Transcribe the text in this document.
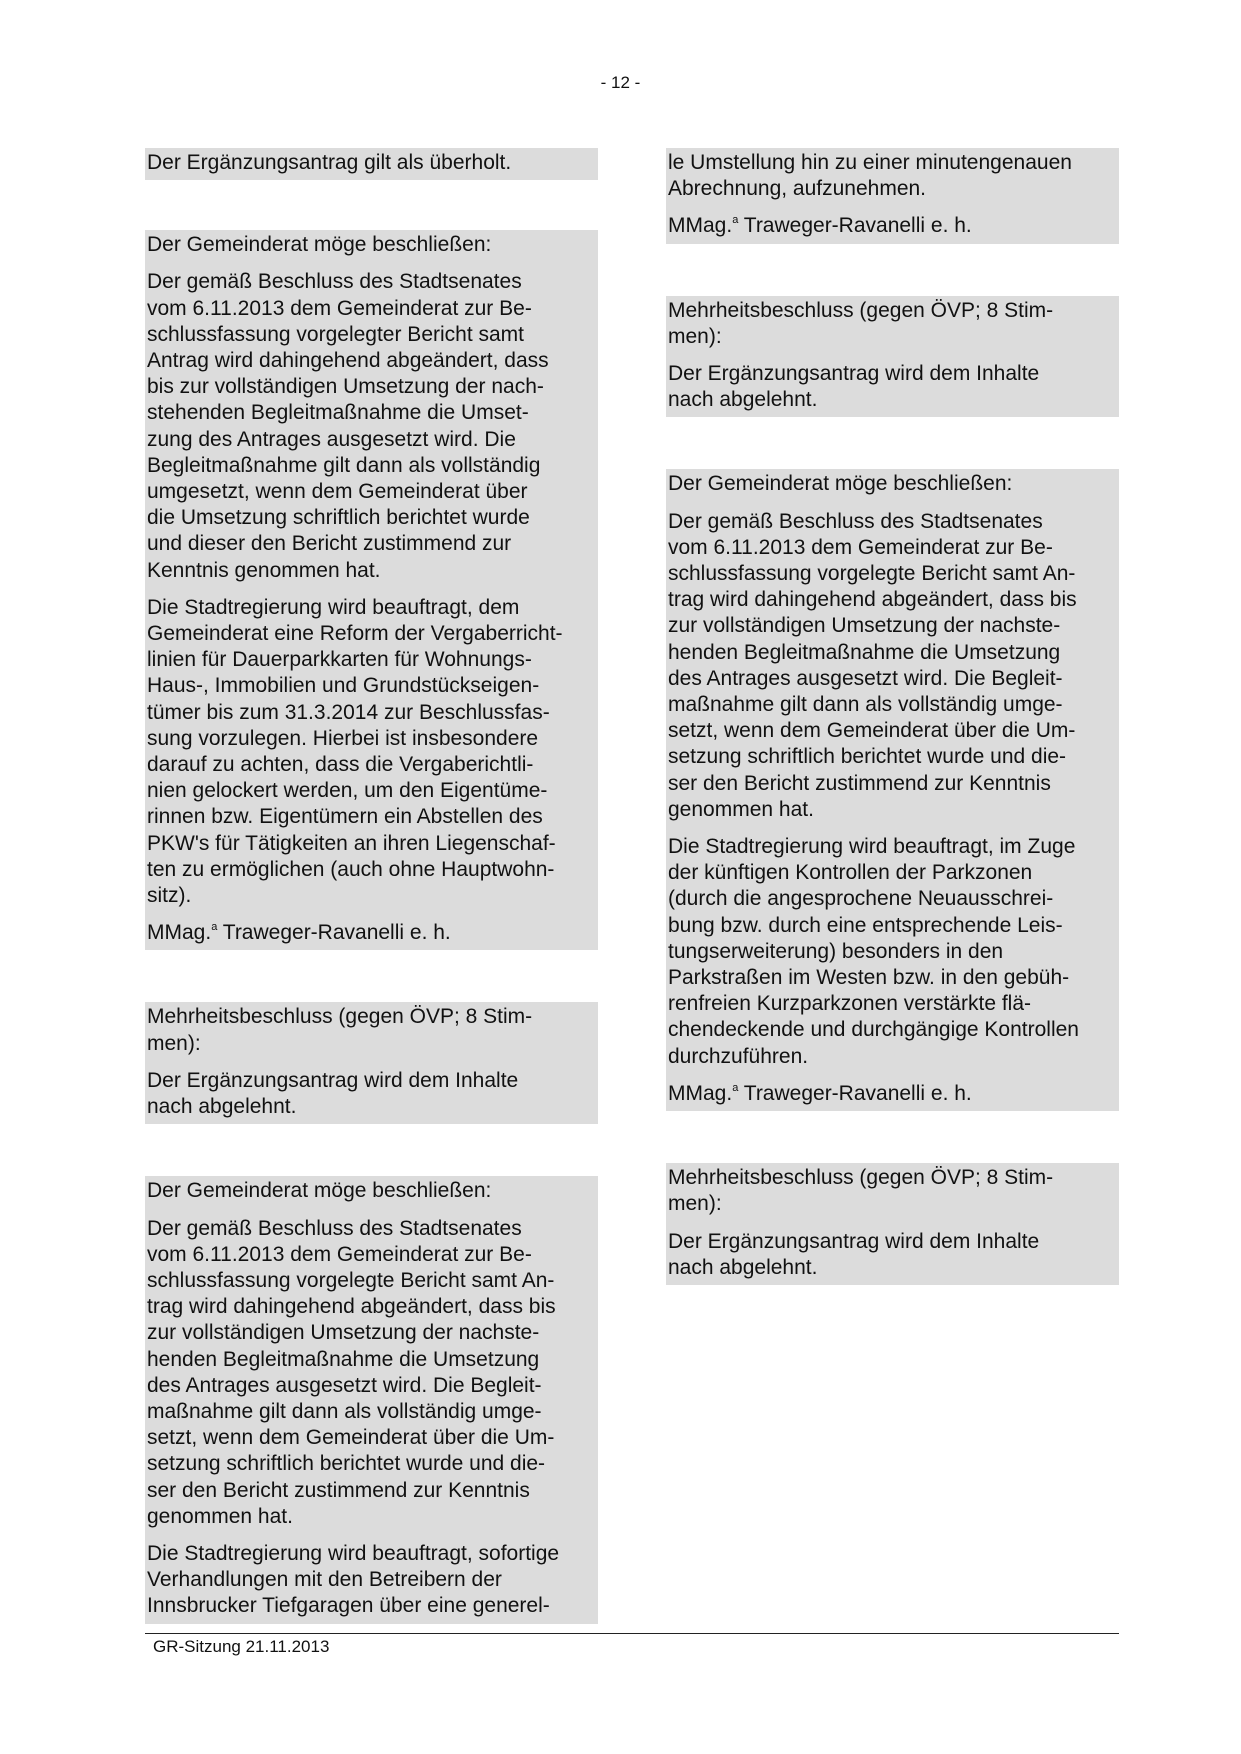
- 12 -

Der Ergänzungsantrag gilt als überholt.

Der Gemeinderat möge beschließen:

Der gemäß Beschluss des Stadtsenates
vom 6.11.2013 dem Gemeinderat zur Be-
schlussfassung vorgelegter Bericht samt
Antrag wird dahingehend abgeändert, dass
bis zur vollständigen Umsetzung der nach-
stehenden Begleitmaßnahme die Umset-
zung des Antrages ausgesetzt wird. Die
Begleitmaßnahme gilt dann als vollständig
umgesetzt, wenn dem Gemeinderat über
die Umsetzung schriftlich berichtet wurde
und dieser den Bericht zustimmend zur
Kenntnis genommen hat.

Die Stadtregierung wird beauftragt, dem
Gemeinderat eine Reform der Vergaberricht-
linien für Dauerparkkarten für Wohnungs-
Haus-, Immobilien und Grundstückseigen-
tümer bis zum 31.3.2014 zur Beschlussfas-
sung vorzulegen. Hierbei ist insbesondere
darauf zu achten, dass die Vergaberichtli-
nien gelockert werden, um den Eigentüme-
rinnen bzw. Eigentümern ein Abstellen des
PKW's für Tätigkeiten an ihren Liegenschaf-
ten zu ermöglichen (auch ohne Hauptwohn-
sitz).

MMag.$^a$ Traweger-Ravanelli e. h.

Mehrheitsbeschluss (gegen ÖVP; 8 Stim-
men):

Der Ergänzungsantrag wird dem Inhalte
nach abgelehnt.

Der Gemeinderat möge beschließen:

Der gemäß Beschluss des Stadtsenates
vom 6.11.2013 dem Gemeinderat zur Be-
schlussfassung vorgelegte Bericht samt An-
trag wird dahingehend abgeändert, dass bis
zur vollständigen Umsetzung der nachste-
henden Begleitmaßnahme die Umsetzung
des Antrages ausgesetzt wird. Die Begleit-
maßnahme gilt dann als vollständig umge-
setzt, wenn dem Gemeinderat über die Um-
setzung schriftlich berichtet wurde und die-
ser den Bericht zustimmend zur Kenntnis
genommen hat.

Die Stadtregierung wird beauftragt, sofortige
Verhandlungen mit den Betreibern der
Innsbrucker Tiefgaragen über eine generel-

le Umstellung hin zu einer minutengenauen
Abrechnung, aufzunehmen.

MMag.$^a$ Traweger-Ravanelli e. h.

Mehrheitsbeschluss (gegen ÖVP; 8 Stim-
men):

Der Ergänzungsantrag wird dem Inhalte
nach abgelehnt.

Der Gemeinderat möge beschließen:

Der gemäß Beschluss des Stadtsenates
vom 6.11.2013 dem Gemeinderat zur Be-
schlussfassung vorgelegte Bericht samt An-
trag wird dahingehend abgeändert, dass bis
zur vollständigen Umsetzung der nachste-
henden Begleitmaßnahme die Umsetzung
des Antrages ausgesetzt wird. Die Begleit-
maßnahme gilt dann als vollständig umge-
setzt, wenn dem Gemeinderat über die Um-
setzung schriftlich berichtet wurde und die-
ser den Bericht zustimmend zur Kenntnis
genommen hat.

Die Stadtregierung wird beauftragt, im Zuge
der künftigen Kontrollen der Parkzonen
(durch die angesprochene Neuausschrei-
bung bzw. durch eine entsprechende Leis-
tungserweiterung) besonders in den
Parkstraßen im Westen bzw. in den gebüh-
renfreien Kurzparkzonen verstärkte flä-
chendeckende und durchgängige Kontrollen
durchzuführen.

MMag.$^a$ Traweger-Ravanelli e. h.

Mehrheitsbeschluss (gegen ÖVP; 8 Stim-
men):

Der Ergänzungsantrag wird dem Inhalte
nach abgelehnt.

GR-Sitzung 21.11.2013
